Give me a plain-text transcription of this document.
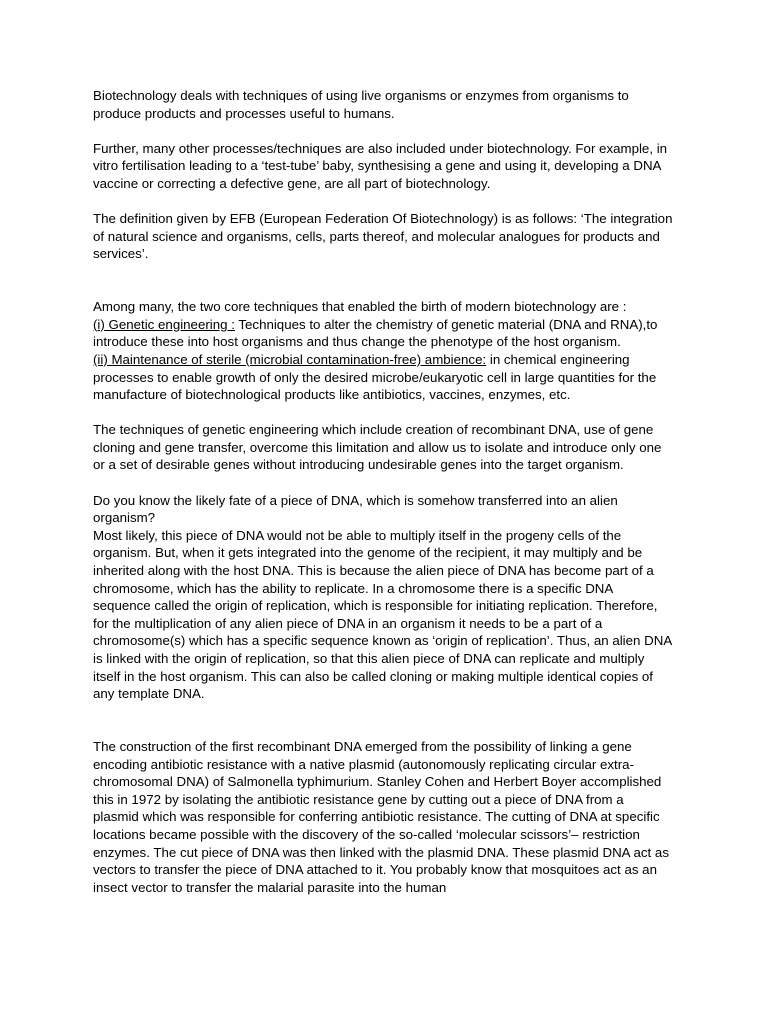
Biotechnology deals with techniques of using live organisms or enzymes from organisms to produce products and processes useful to humans.

Further, many other processes/techniques are also included under biotechnology. For example, in vitro fertilisation leading to a ‘test-tube’ baby, synthesising a gene and using it, developing a DNA vaccine or correcting a defective gene, are all part of biotechnology.

The definition given by EFB (European Federation Of Biotechnology) is as follows: ‘The integration of natural science and organisms, cells, parts thereof, and molecular analogues for products and services’.

Among many, the two core techniques that enabled the birth of modern biotechnology are :

(i) Genetic engineering : Techniques to alter the chemistry of genetic material (DNA and RNA),to introduce these into host organisms and thus change the phenotype of the host organism.

(ii) Maintenance of sterile (microbial contamination-free) ambience: in chemical engineering processes to enable growth of only the desired microbe/eukaryotic cell in large quantities for the manufacture of biotechnological products like antibiotics, vaccines, enzymes, etc.

The techniques of genetic engineering which include creation of recombinant DNA, use of gene cloning and gene transfer, overcome this limitation and allow us to isolate and introduce only one or a set of desirable genes without introducing undesirable genes into the target organism.

Do you know the likely fate of a piece of DNA, which is somehow transferred into an alien organism?

Most likely, this piece of DNA would not be able to multiply itself in the progeny cells of the organism. But, when it gets integrated into the genome of the recipient, it may multiply and be inherited along with the host DNA. This is because the alien piece of DNA has become part of a chromosome, which has the ability to replicate. In a chromosome there is a specific DNA sequence called the origin of replication, which is responsible for initiating replication. Therefore, for the multiplication of any alien piece of DNA in an organism it needs to be a part of a chromosome(s) which has a specific sequence known as ‘origin of replication’. Thus, an alien DNA is linked with the origin of replication, so that this alien piece of DNA can replicate and multiply itself in the host organism. This can also be called cloning or making multiple identical copies of any template DNA.

The construction of the first recombinant DNA emerged from the possibility of linking a gene encoding antibiotic resistance with a native plasmid (autonomously replicating circular extra-chromosomal DNA) of Salmonella typhimurium. Stanley Cohen and Herbert Boyer accomplished this in 1972 by isolating the antibiotic resistance gene by cutting out a piece of DNA from a plasmid which was responsible for conferring antibiotic resistance. The cutting of DNA at specific locations became possible with the discovery of the so-called ‘molecular scissors’– restriction enzymes. The cut piece of DNA was then linked with the plasmid DNA. These plasmid DNA act as vectors to transfer the piece of DNA attached to it. You probably know that mosquitoes act as an insect vector to transfer the malarial parasite into the human
